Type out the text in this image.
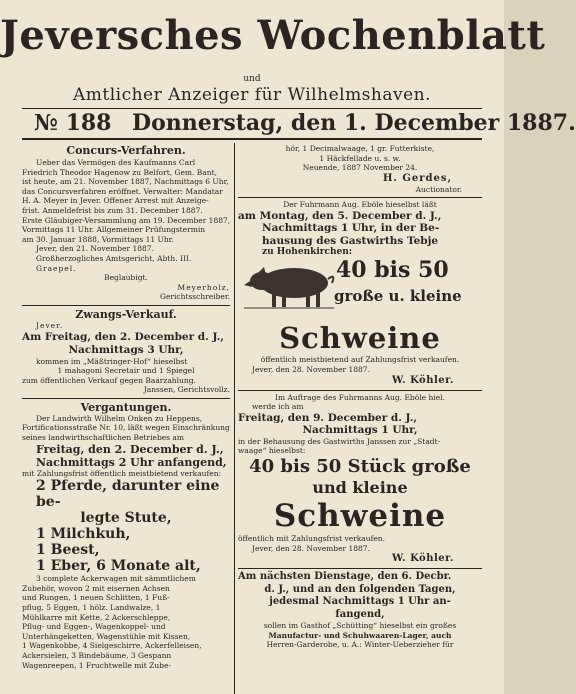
Jeversches Wochenblatt
und
Amtlicher Anzeiger für Wilhelmshaven.
№ 188 Donnerstag, den 1. December 1887.
Concurs-Verfahren.
Ueber das Vermögen des Kaufmanns Carl
Friedrich Theodor Hagenow zu Belfort, Gem. Bant,
ist heute, am 21. November 1887, Nachmittags 6 Uhr,
das Concursverfahren eröffnet. Verwalter: Mandatar
H. A. Meyer in Jever. Offener Arrest mit Anzeige-
frist. Anmeldefrist bis zum 31. December 1887.
Erste Gläubiger-Versammlung am 19. December 1887,
Vormittags 11 Uhr. Allgemeiner Prüfungstermin
am 30. Januar 1888, Vormittags 11 Uhr.
Jever, den 21. November 1887.
Großherzogliches Amtsgericht, Abth. III.
Graepel.
Beglaubigt.
Meyerholz,
Gerichtsschreiber.
Zwangs-Verkauf.
Jever.
Am Freitag, den 2. December d. J.,
Nachmittags 3 Uhr,
kommen im „Mäßtringer-Hof“ hieselbst
1 mahagoni Secretair und 1 Spiegel
zum öffentlichen Verkauf gegen Baarzahlung.
Janssen, Gerichtsvollz.
Vergantungen.
Der Landwirth Wilhelm Onken zu Heppens,
Fortificationsstraße Nr. 10, läßt wegen Einschränkung
seines landwirthschaftlichen Betriebes am
Freitag, den 2. December d. J.,
Nachmittags 2 Uhr anfangend,
mit Zahlungsfrist öffentlich meistbietend verkaufen:
2 Pferde, darunter eine be-
legte Stute,
1 Milchkuh,
1 Beest,
1 Eber, 6 Monate alt,
3 complete Ackerwagen mit sämmtlichem
Zubehör, wovon 2 mit eisernen Achsen
und Rungen, 1 neuen Schlitten, 1 Fuß-
pflug, 5 Eggen, 1 hölz. Landwalze, 1
Mühlkarre mit Kette, 2 Ackerschleppe,
Pflug- und Eggen-, Wagenkoppel- und
Unterhängeketten, Wagenstühle mit Kissen,
1 Wagenkobbe, 4 Sielgeschirre, Ackerfelleisen,
Ackersielen, 3 Bindebäume, 3 Gespann
Wagenreepen, 1 Fruchtwelle mit Zube-
hör, 1 Decimalwaage, 1 gr. Futterkiste,
1 Häckfellade u. s. w.
Neuende, 1887 November 24.
H. Gerdes,
Auctionator.
Der Fuhrmann Aug. Eböle hieselbst läßt
am Montag, den 5. December d. J.,
Nachmittags 1 Uhr, in der Be-
hausung des Gastwirths Tebje
zu Hohenkirchen:
40 bis 50
große u. kleine
Schweine
öffentlich meistbietend auf Zahlungsfrist verkaufen.
Jever, den 28. November 1887.
W. Köhler.
Im Auftrage des Fuhrmanns Aug. Eböle hiel.
werde ich am
Freitag, den 9. December d. J.,
Nachmittags 1 Uhr,
in der Behausung des Gastwirths Janssen zur „Stadt-
waage“ hieselbst:
40 bis 50 Stück große
und kleine
Schweine
öffentlich mit Zahlungsfrist verkaufen.
Jever, den 28. November 1887.
W. Köhler.
Am nächsten Dienstage, den 6. Decbr.
d. J., und an den folgenden Tagen,
jedesmal Nachmittags 1 Uhr an-
fangend,
sollen im Gasthof „Schütting“ hieselbst ein großes
Manufactur- und Schuhwaaren-Lager, auch
Herren-Garderobe, u. A.: Winter-Ueberzieher für
